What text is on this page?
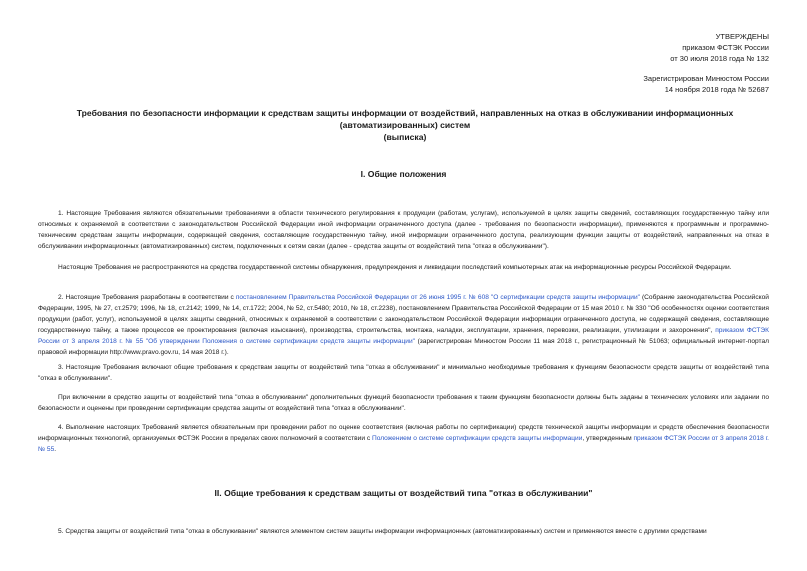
УТВЕРЖДЕНЫ
приказом ФСТЭК России
от 30 июля 2018 года № 132
Зарегистрирован Минюстом России
14 ноября 2018 года № 52687
Требования по безопасности информации к средствам защиты информации от воздействий, направленных на отказ в обслуживании информационных
(автоматизированных) систем
(выписка)
I. Общие положения

1. Настоящие Требования являются обязательными требованиями в области технического регулирования к продукции (работам, услугам), используемой в целях защиты сведений, составляющих государственную тайну или относимых к охраняемой в соответствии с законодательством Российской Федерации иной информации ограниченного доступа (далее - требования по безопасности информации), применяются к программным и программно-техническим средствам защиты информации, содержащей сведения, составляющие государственную тайну, иной информации ограниченного доступа, реализующим функции защиты от воздействий, направленных на отказ в обслуживании информационных (автоматизированных) систем, подключенных к сетям связи (далее - средства защиты от воздействий типа "отказ в обслуживании").

Настоящие Требования не распространяются на средства государственной системы обнаружения, предупреждения и ликвидации последствий компьютерных атак на информационные ресурсы Российской Федерации.

2. Настоящие Требования разработаны в соответствии с постановлением Правительства Российской Федерации от 26 июня 1995 г. № 608 "О сертификации средств защиты информации" (Собрание законодательства Российской Федерации, 1995, № 27, ст.2579; 1996, № 18, ст.2142; 1999, № 14, ст.1722; 2004, № 52, ст.5480; 2010, № 18, ст.2238), постановлением Правительства Российской Федерации от 15 мая 2010 г. № 330 "Об особенностях оценки соответствия продукции (работ, услуг), используемой в целях защиты сведений, относимых к охраняемой в соответствии с законодательством Российской Федерации информации ограниченного доступа, не содержащей сведения, составляющие государственную тайну, а также процессов ее проектирования (включая изыскания), производства, строительства, монтажа, наладки, эксплуатации, хранения, перевозки, реализации, утилизации и захоронения", приказом ФСТЭК России от 3 апреля 2018 г. № 55 "Об утверждении Положения о системе сертификации средств защиты информации" (зарегистрирован Минюстом России 11 мая 2018 г., регистрационный № 51063; официальный интернет-портал правовой информации http://www.pravo.gov.ru, 14 мая 2018 г.).

3. Настоящие Требования включают общие требования к средствам защиты от воздействий типа "отказ в обслуживании" и минимально необходимые требования к функциям безопасности средств защиты от воздействий типа "отказ в обслуживании".

При включении в средство защиты от воздействий типа "отказ в обслуживании" дополнительных функций безопасности требования к таким функциям безопасности должны быть заданы в технических условиях или задании по безопасности и оценены при проведении сертификации средства защиты от воздействий типа "отказ в обслуживании".

4. Выполнение настоящих Требований является обязательным при проведении работ по оценке соответствия (включая работы по сертификации) средств технической защиты информации и средств обеспечения безопасности информационных технологий, организуемых ФСТЭК России в пределах своих полномочий в соответствии с Положением о системе сертификации средств защиты информации, утвержденным приказом ФСТЭК России от 3 апреля 2018 г. № 55.

II. Общие требования к средствам защиты от воздействий типа "отказ в обслуживании"

5. Средства защиты от воздействий типа "отказ в обслуживании" являются элементом систем защиты информации информационных (автоматизированных) систем и применяются вместе с другими средствами
